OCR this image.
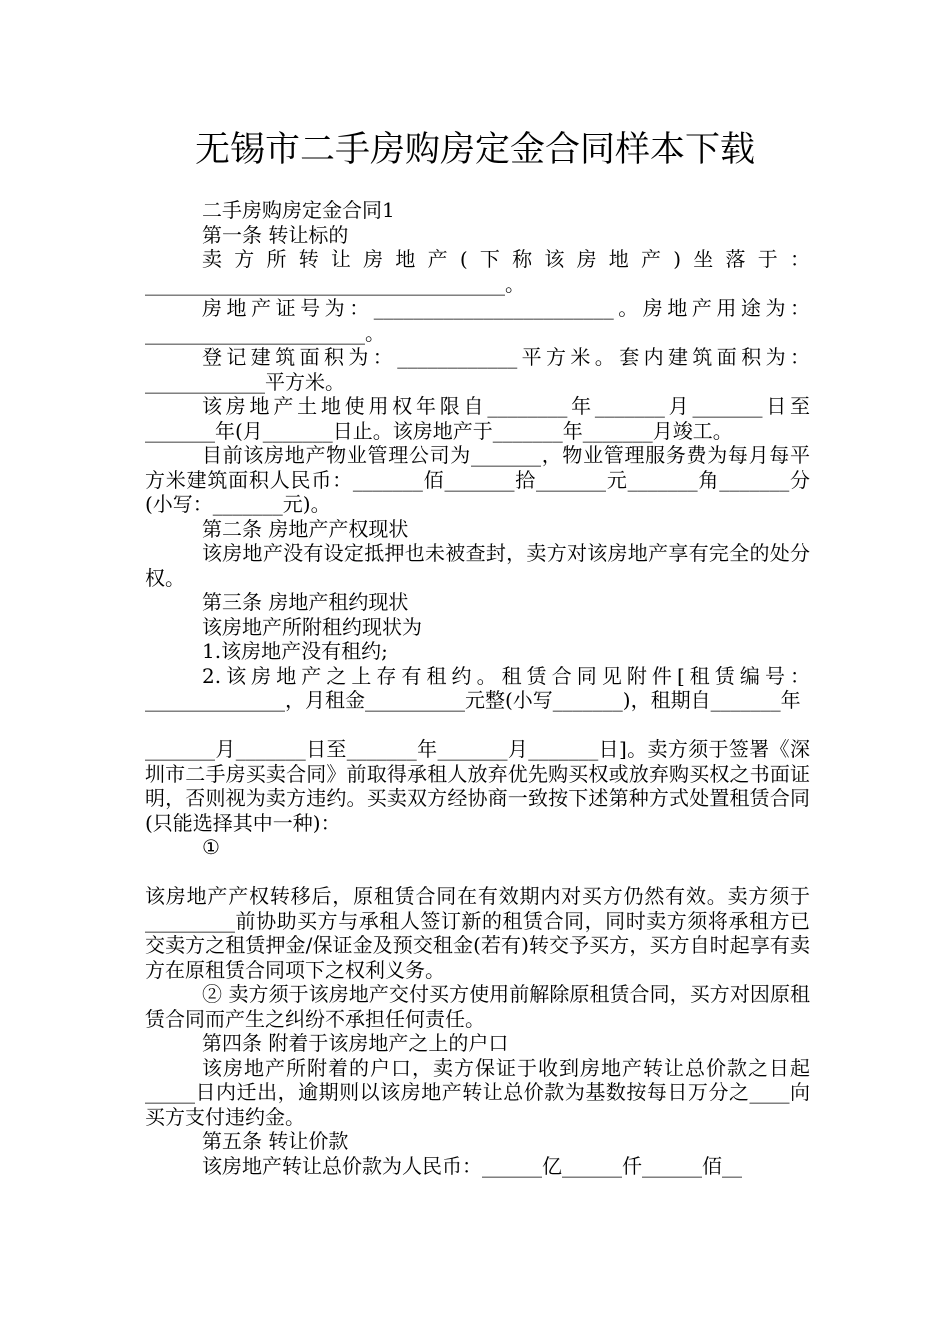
无锡市二手房购房定金合同样本下载

二手房购房定金合同1

第一条 转让标的

卖方所转让房地产(下称该房地产)坐落于：____________________________________。

房地产证号为：________________________。房地产用途为：______________________。

登记建筑面积为：____________平方米。套内建筑面积为：____________平方米。

该房地产土地使用权年限自________年_______月_______日至_______年(月_______日止。该房地产于_______年_______月竣工。

目前该房地产物业管理公司为_______，物业管理服务费为每月每平方米建筑面积人民币：_______佰_______拾_______元_______角_______分(小写：_______元)。

第二条 房地产产权现状

该房地产没有设定抵押也未被查封，卖方对该房地产享有完全的处分权。

第三条 房地产租约现状

该房地产所附租约现状为

1.该房地产没有租约;

2.该房地产之上存有租约。租赁合同见附件[租赁编号：______________，月租金__________元整(小写_______)，租期自_______年

_______月_______日至_______年_______月_______日]。卖方须于签署《深圳市二手房买卖合同》前取得承租人放弃优先购买权或放弃购买权之书面证明，否则视为卖方违约。买卖双方经协商一致按下述第种方式处置租赁合同(只能选择其中一种)：

①

该房地产产权转移后，原租赁合同在有效期内对买方仍然有效。卖方须于_________前协助买方与承租人签订新的租赁合同，同时卖方须将承租方已交卖方之租赁押金/保证金及预交租金(若有)转交予买方，买方自时起享有卖方在原租赁合同项下之权利义务。

② 卖方须于该房地产交付买方使用前解除原租赁合同，买方对因原租赁合同而产生之纠纷不承担任何责任。

第四条 附着于该房地产之上的户口

该房地产所附着的户口，卖方保证于收到房地产转让总价款之日起_____日内迁出，逾期则以该房地产转让总价款为基数按每日万分之____向买方支付违约金。

第五条 转让价款

该房地产转让总价款为人民币：______亿______仟______佰__
